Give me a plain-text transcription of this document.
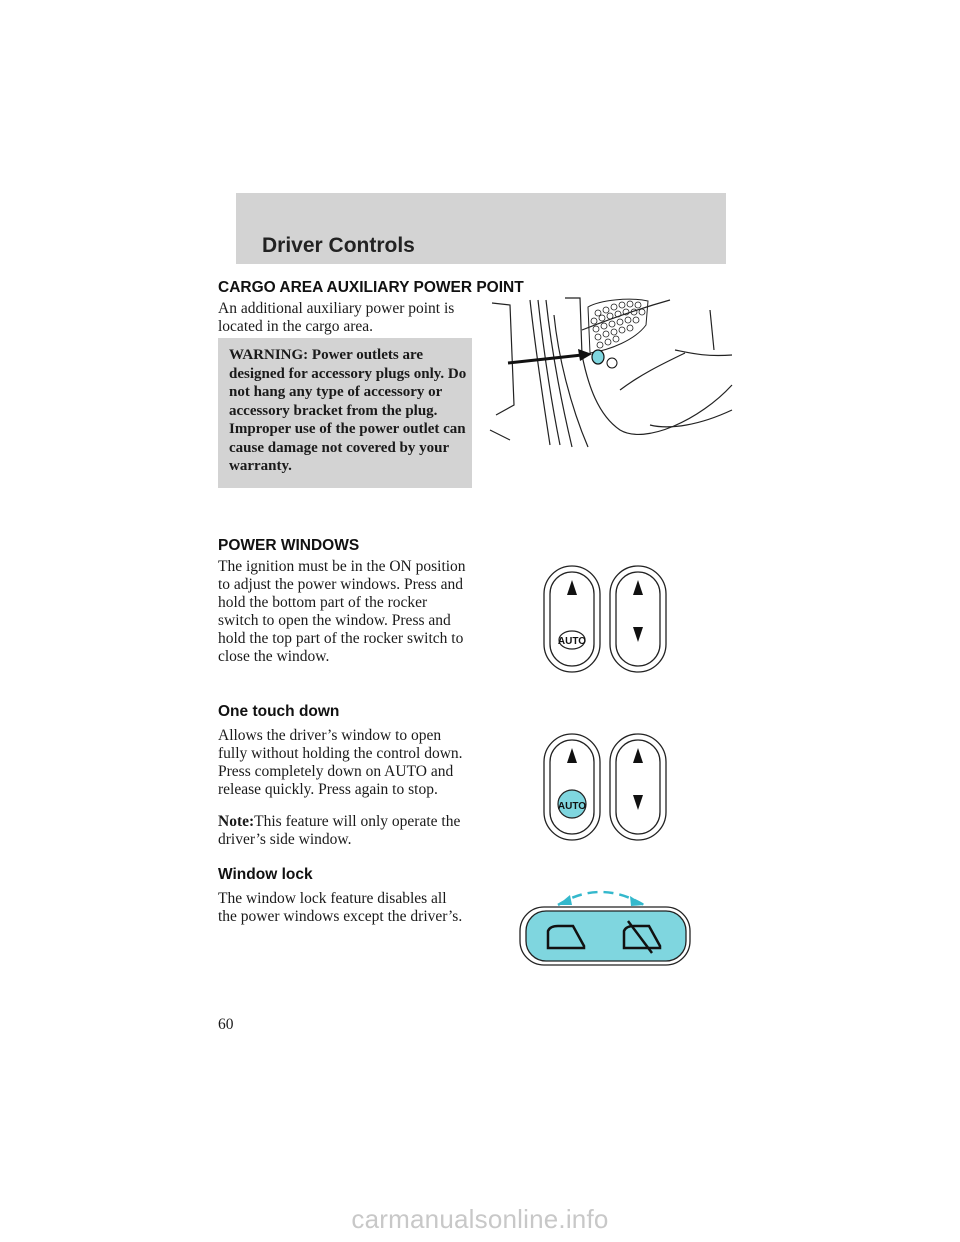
Driver Controls
CARGO AREA AUXILIARY POWER POINT
An additional auxiliary power point is located in the cargo area.
WARNING: Power outlets are designed for accessory plugs only. Do not hang any type of accessory or accessory bracket from the plug. Improper use of the power outlet can cause damage not covered by your warranty.
POWER WINDOWS
The ignition must be in the ON position to adjust the power windows. Press and hold the bottom part of the rocker switch to open the window. Press and hold the top part of the rocker switch to close the window.
AUTO
One touch down
Allows the driver’s window to open fully without holding the control down. Press completely down on AUTO and release quickly. Press again to stop.
Note:This feature will only operate the driver’s side window.
AUTO
Window lock
The window lock feature disables all the power windows except the driver’s.
60
carmanualsonline.info
